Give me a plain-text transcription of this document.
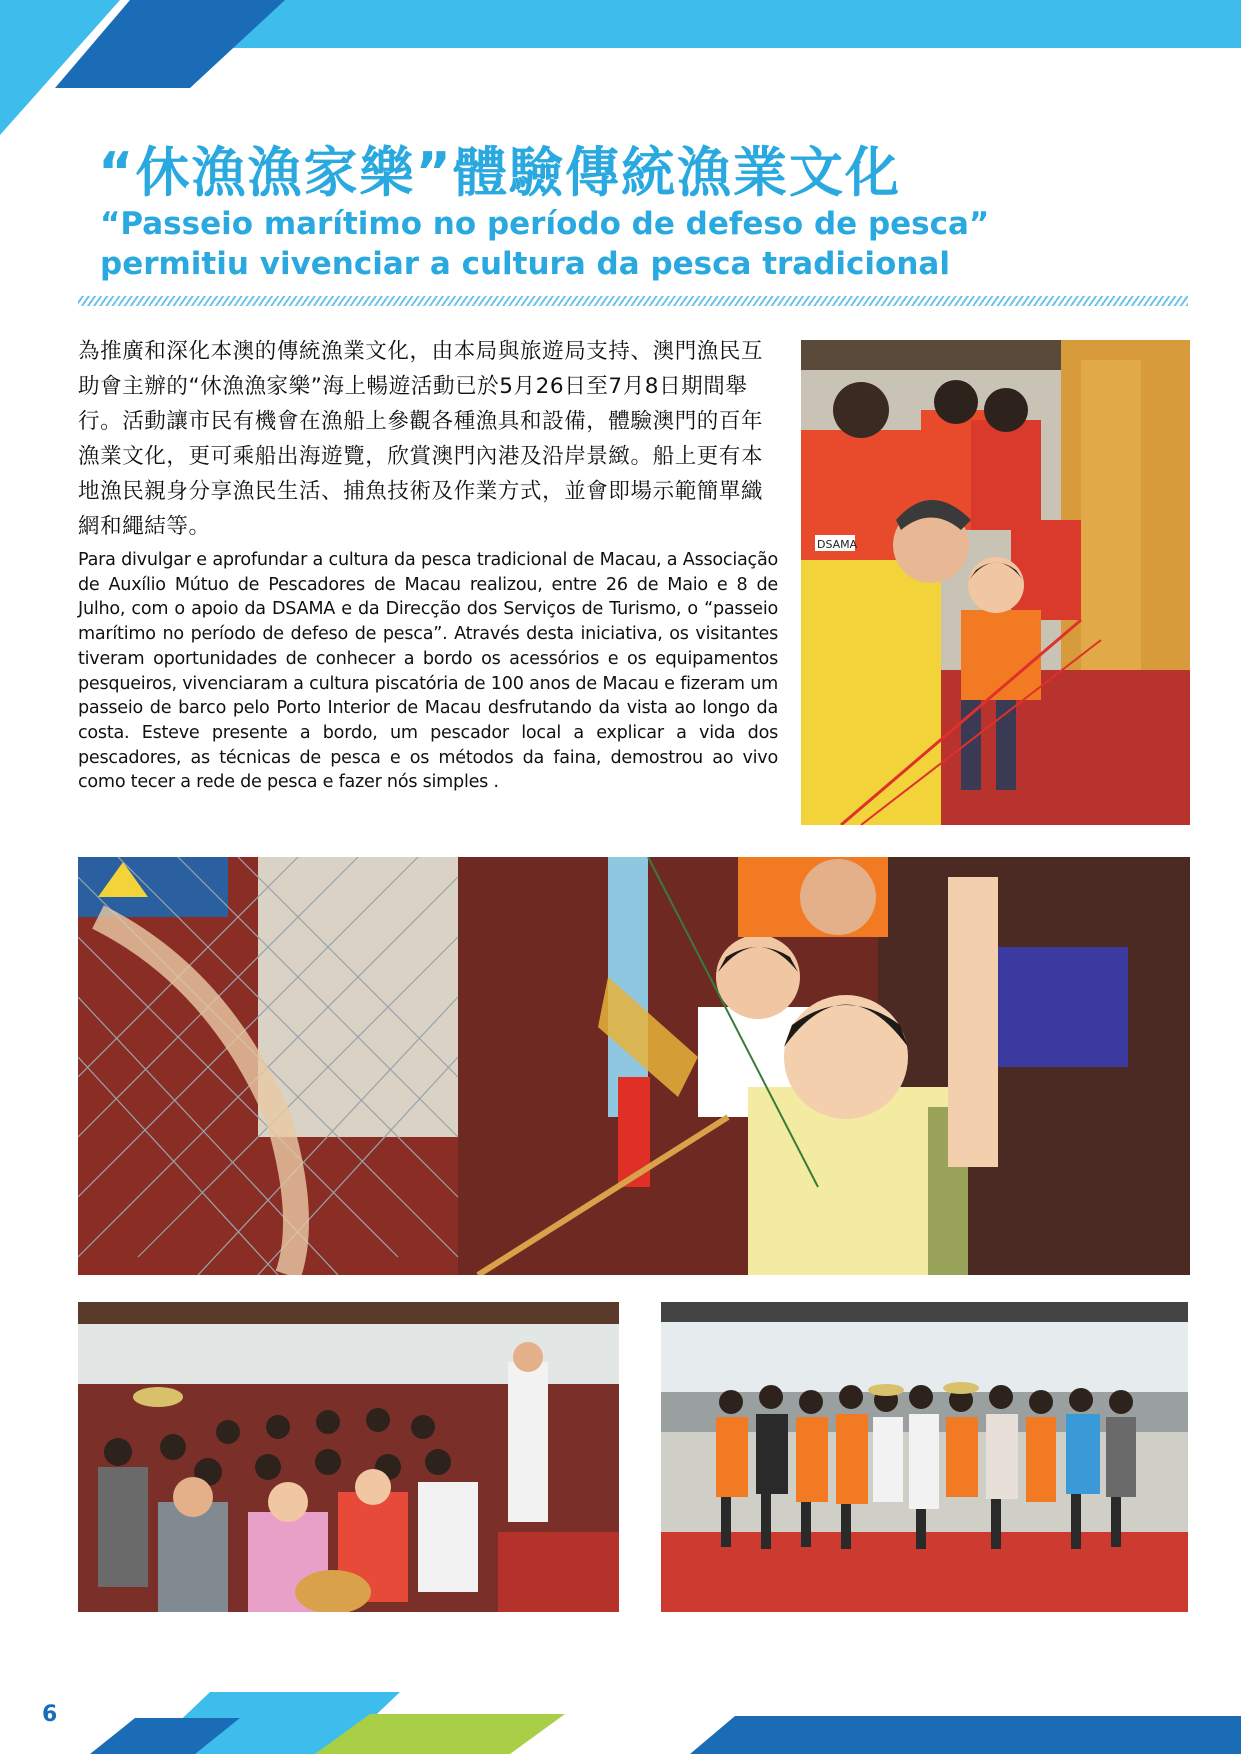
“休漁漁家樂”體驗傳統漁業文化
“Passeio marítimo no período de defeso de pesca”
permitiu vivenciar a cultura da pesca tradicional
為推廣和深化本澳的傳統漁業文化，由本局與旅遊局支持、澳門漁民互助會主辦的“休漁漁家樂”海上暢遊活動已於5月26日至7月8日期間舉行。活動讓市民有機會在漁船上參觀各種漁具和設備，體驗澳門的百年漁業文化，更可乘船出海遊覽，欣賞澳門內港及沿岸景緻。船上更有本地漁民親身分享漁民生活、捕魚技術及作業方式，並會即場示範簡單織網和繩結等。
Para divulgar e aprofundar a cultura da pesca tradicional de Macau, a Associação de Auxílio Mútuo de Pescadores de Macau realizou, entre 26 de Maio e 8 de Julho, com o apoio da DSAMA e da Direcção dos Serviços de Turismo, o “passeio marítimo no período de defeso de pesca”. Através desta iniciativa, os visitantes tiveram oportunidades de conhecer a bordo os acessórios e os equipamentos pesqueiros, vivenciaram a cultura piscatória de 100 anos de Macau e fizeram um passeio de barco pelo Porto Interior de Macau desfrutando da vista ao longo da costa. Esteve presente a bordo, um pescador local a explicar a vida dos pescadores, as técnicas de pesca e os métodos da faina, demostrou ao vivo como tecer a rede de pesca e fazer nós simples .
DSAMA
6
